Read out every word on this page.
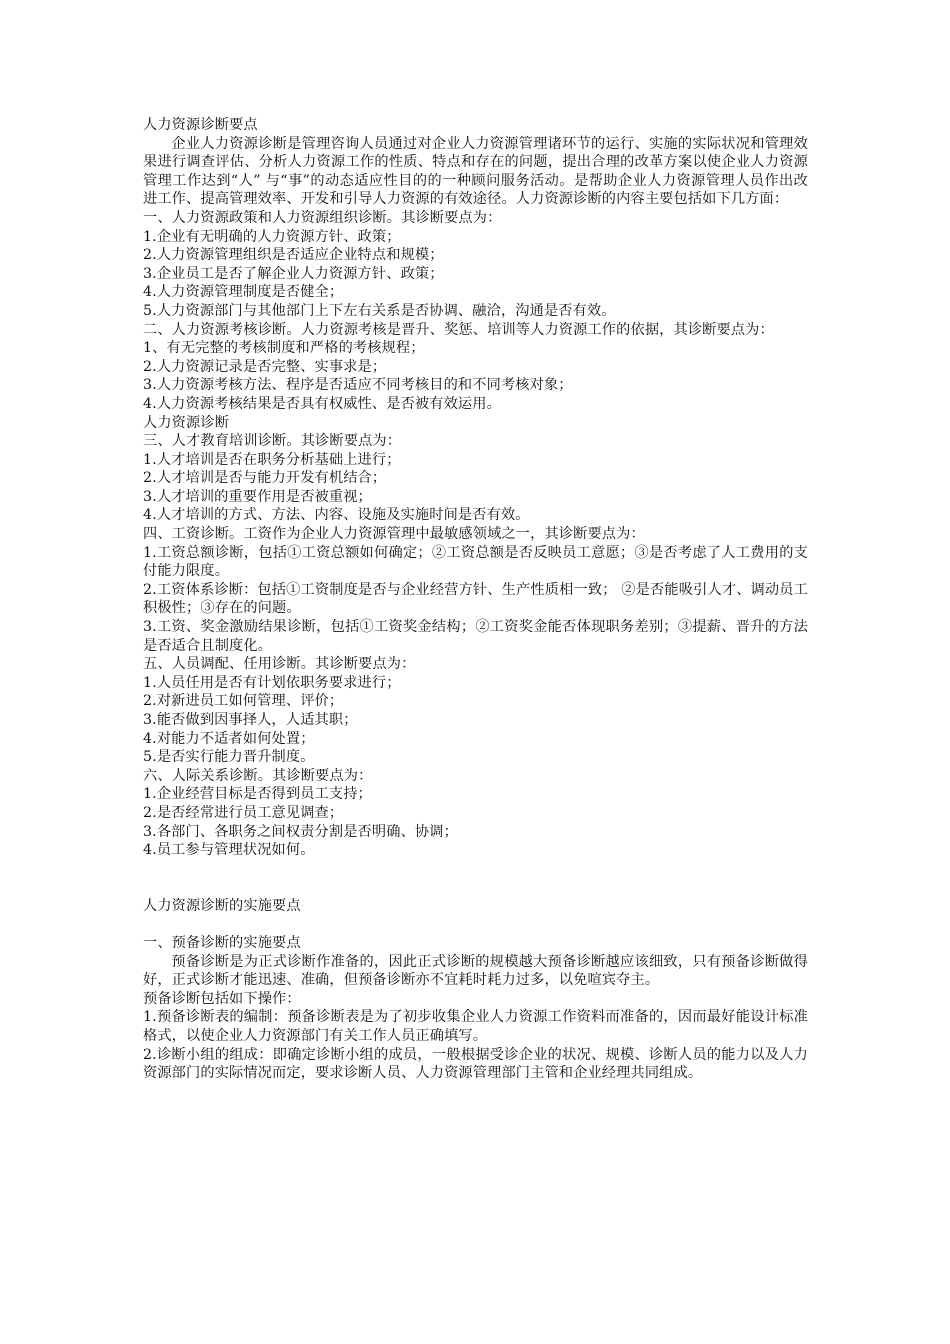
人力资源诊断要点

企业人力资源诊断是管理咨询人员通过对企业人力资源管理诸环节的运行、实施的实际状况和管理效果进行调查评估、分析人力资源工作的性质、特点和存在的问题，提出合理的改革方案以使企业人力资源管理工作达到“人” 与“事”的动态适应性目的的一种顾问服务活动。是帮助企业人力资源管理人员作出改进工作、提高管理效率、开发和引导人力资源的有效途径。人力资源诊断的内容主要包括如下几方面：

一、人力资源政策和人力资源组织诊断。其诊断要点为：

1.企业有无明确的人力资源方针、政策；

2.人力资源管理组织是否适应企业特点和规模；

3.企业员工是否了解企业人力资源方针、政策；

4.人力资源管理制度是否健全；

5.人力资源部门与其他部门上下左右关系是否协调、融洽，沟通是否有效。

二、人力资源考核诊断。人力资源考核是晋升、奖惩、培训等人力资源工作的依据，其诊断要点为：

1、有无完整的考核制度和严格的考核规程；

2.人力资源记录是否完整、实事求是；

3.人力资源考核方法、程序是否适应不同考核目的和不同考核对象；

4.人力资源考核结果是否具有权威性、是否被有效运用。

人力资源诊断

三、人才教育培训诊断。其诊断要点为：

1.人才培训是否在职务分析基础上进行；

2.人才培训是否与能力开发有机结合；

3.人才培训的重要作用是否被重视；

4.人才培训的方式、方法、内容、设施及实施时间是否有效。

四、工资诊断。工资作为企业人力资源管理中最敏感领域之一，其诊断要点为：

1.工资总额诊断，包括①工资总额如何确定；②工资总额是否反映员工意愿；③是否考虑了人工费用的支付能力限度。

2.工资体系诊断：包括①工资制度是否与企业经营方针、生产性质相一致； ②是否能吸引人才、调动员工积极性；③存在的问题。

3.工资、奖金激励结果诊断，包括①工资奖金结构；②工资奖金能否体现职务差别；③提薪、晋升的方法是否适合且制度化。

五、人员调配、任用诊断。其诊断要点为：

1.人员任用是否有计划依职务要求进行；

2.对新进员工如何管理、评价；

3.能否做到因事择人，人适其职；

4.对能力不适者如何处置；

5.是否实行能力晋升制度。

六、人际关系诊断。其诊断要点为：

1.企业经营目标是否得到员工支持；

2.是否经常进行员工意见调查；

3.各部门、各职务之间权责分割是否明确、协调；

4.员工参与管理状况如何。

人力资源诊断的实施要点

一、预备诊断的实施要点

预备诊断是为正式诊断作准备的，因此正式诊断的规模越大预备诊断越应该细致，只有预备诊断做得好，正式诊断才能迅速、准确，但预备诊断亦不宜耗时耗力过多，以免喧宾夺主。

预备诊断包括如下操作：

1.预备诊断表的编制：预备诊断表是为了初步收集企业人力资源工作资料而准备的，因而最好能设计标准格式，以使企业人力资源部门有关工作人员正确填写。

2.诊断小组的组成：即确定诊断小组的成员，一般根据受诊企业的状况、规模、诊断人员的能力以及人力资源部门的实际情况而定，要求诊断人员、人力资源管理部门主管和企业经理共同组成。
